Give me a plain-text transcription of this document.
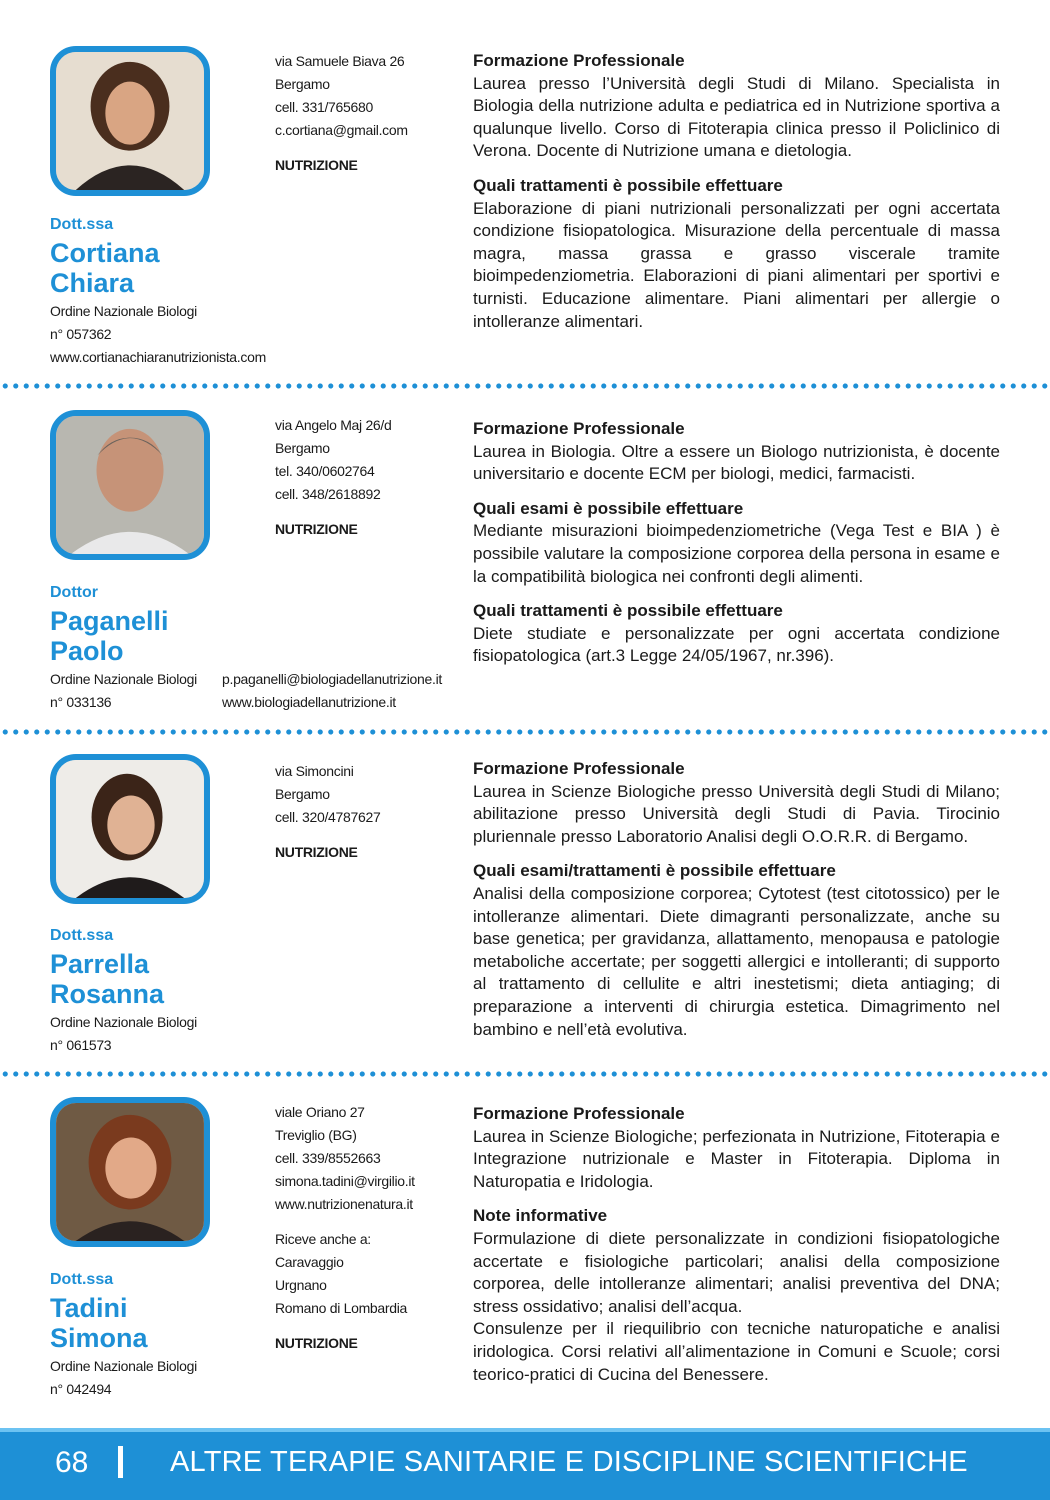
Dott.ssa
Cortiana
Chiara
Ordine Nazionale Biologi
n° 057362
www.cortianachiaranutrizionista.com
via Samuele Biava 26
Bergamo
cell. 331/765680
c.cortiana@gmail.com
NUTRIZIONE
Formazione Professionale

Laurea presso l’Università degli Studi di Milano. Specialista in Biologia della nutrizione adulta e pediatrica ed in Nutrizione sportiva a qualunque livello. Corso di Fitoterapia clinica presso il Policlinico di Verona. Docente di Nutrizione umana e dietologia.

Quali trattamenti è possibile effettuare

Elaborazione di piani nutrizionali personalizzati per ogni accertata condizione fisiopatologica. Misurazione della percentuale di massa magra, massa grassa e grasso viscerale tramite bioimpedenziometria. Elaborazioni di piani alimentari per sportivi e turnisti. Educazione alimentare. Piani alimentari per allergie o intolleranze alimentari.

Dottor
Paganelli
Paolo
Ordine Nazionale Biologi
n° 033136
p.paganelli@biologiadellanutrizione.it
www.biologiadellanutrizione.it
via Angelo Maj 26/d
Bergamo
tel. 340/0602764
cell. 348/2618892
NUTRIZIONE
Formazione Professionale

Laurea in Biologia. Oltre a essere un Biologo nutrizionista, è docente universitario e docente ECM per biologi, medici, farmacisti.

Quali esami è possibile effettuare

Mediante misurazioni bioimpedenziometriche (Vega Test e BIA ) è possibile valutare la composizione corporea della persona in esame e la compatibilità biologica nei confronti degli alimenti.

Quali trattamenti è possibile effettuare

Diete studiate e personalizzate per ogni accertata condizione fisiopatologica (art.3 Legge 24/05/1967, nr.396).

Dott.ssa
Parrella
Rosanna
Ordine Nazionale Biologi
n° 061573
via Simoncini
Bergamo
cell. 320/4787627
NUTRIZIONE
Formazione Professionale

Laurea in Scienze Biologiche presso Università degli Studi di Milano; abilitazione presso Università degli Studi di Pavia. Tirocinio pluriennale presso Laboratorio Analisi degli O.O.R.R. di Bergamo.

Quali esami/trattamenti è possibile effettuare

Analisi della composizione corporea; Cytotest (test citotossico) per le intolleranze alimentari. Diete dimagranti personalizzate, anche su base genetica; per gravidanza, allattamento, menopausa e patologie metaboliche accertate; per soggetti allergici e intolleranti; di supporto al trattamento di cellulite e altri inestetismi; dieta antiaging; di preparazione a interventi di chirurgia estetica. Dimagrimento nel bambino e nell’età evolutiva.

Dott.ssa
Tadini
Simona
Ordine Nazionale Biologi
n° 042494
viale Oriano 27
Treviglio (BG)
cell. 339/8552663
simona.tadini@virgilio.it
www.nutrizionenatura.it
Riceve anche a:
Caravaggio
Urgnano
Romano di Lombardia
NUTRIZIONE
Formazione Professionale

Laurea in Scienze Biologiche; perfezionata in Nutrizione, Fitoterapia e Integrazione nutrizionale e Master in Fitoterapia. Diploma in Naturopatia e Iridologia.

Note informative

Formulazione di diete personalizzate in condizioni fisiopatologiche accertate e fisiologiche particolari; analisi della composizione corporea, delle intolleranze alimentari; analisi preventiva del DNA; stress ossidativo; analisi dell’acqua.

Consulenze per il riequilibrio con tecniche naturopatiche e analisi iridologica. Corsi relativi all’alimentazione in Comuni e Scuole; corsi teorico-pratici di Cucina del Benessere.

68	ALTRE TERAPIE SANITARIE E DISCIPLINE SCIENTIFICHE
